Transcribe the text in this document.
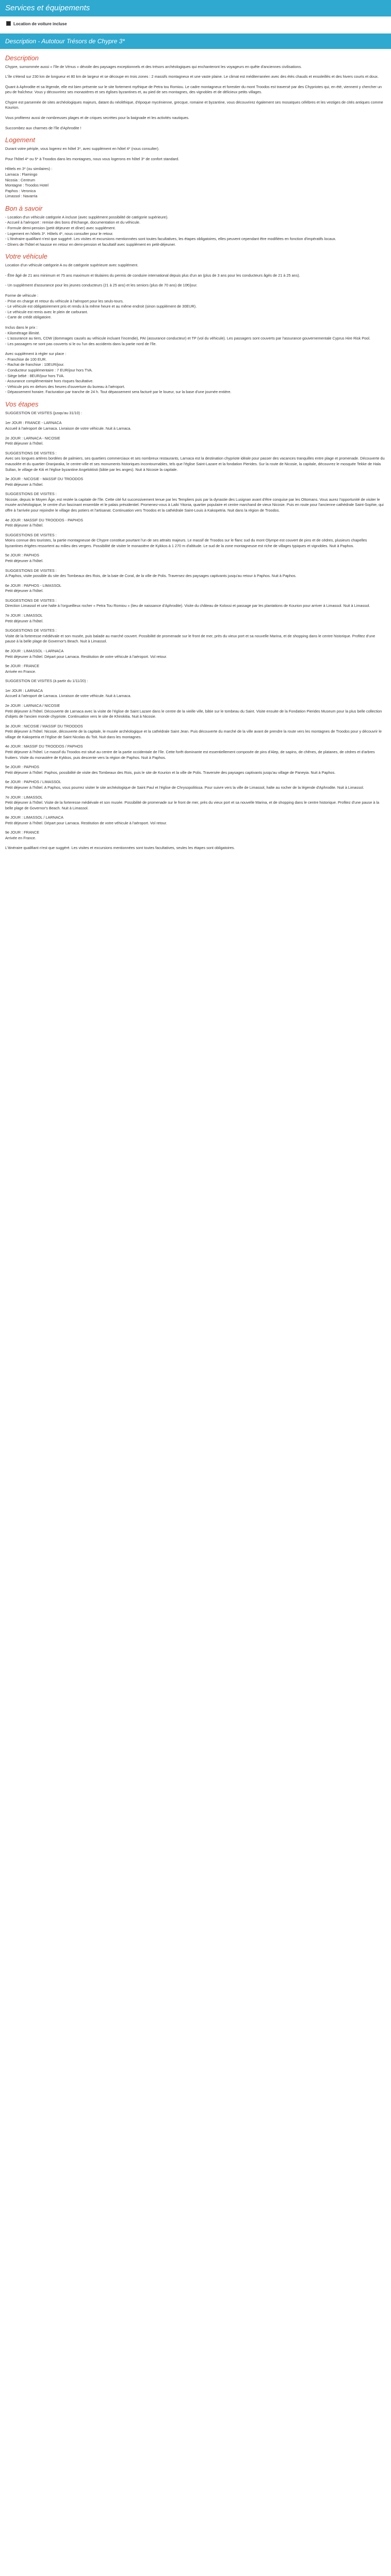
Services et équipements
Location de voiture incluse
Description - Autotour Trésors de Chypre 3*
Description

Chypre, surnommée aussi « l'île de Vénus » dévoile des paysages exceptionnels et des trésors archéologiques qui enchanteront les voyageurs en quête d'anciennes civilisations.

L'île s'étend sur 230 km de longueur et 80 km de largeur et se découpe en trois zones : 2 massifs montagneux et une vaste plaine. Le climat est méditerranéen avec des étés chauds et ensoleillés et des hivers courts et doux.

Quant à Aphrodite et sa légende, elle est bien présente sur le site fortement mythique de Petra tou Romiou. Le cadre montagneux et forestier du mont Troodos est traversé par des Chypriotes qui, en été, viennent y chercher un peu de fraîcheur. Vous y découvrirez ses monastères et ses églises byzantines et, au pied de ses montagnes, des vignobles et de délicieux petits villages.

Chypre est parsemée de sites archéologiques majeurs, datant du néolithique, d'époque mycénienne, grecque, romaine et byzantine, vous découvrirez également ses mosaïques célèbres et les vestiges de cités antiques comme Kourion.

Vous profiterez aussi de nombreuses plages et de criques secrètes pour la baignade et les activités nautiques.

Succombez aux charmes de l'île d'Aphrodite !

Logement

Durant votre périple, vous logerez en hôtel 3*, avec supplément en hôtel 4* (nous consulter).

Pour l'hôtel 4* ou 5* à Troodos dans les montagnes, nous vous logerons en hôtel 3* de confort standard.

Hôtels en 3* (ou similaires) :
Larnaca : Flamingo
Nicosia : Centrum
Montagne : Troodos Hotel
Paphos : Veronica
Limassol : Navarria
Bon à savoir
- Location d'un véhicule catégorie A incluse (avec supplément possibilité de catégorie supérieure).
- Accueil à l'aéroport : remise des bons d'échange, documentation et du véhicule.
- Formule demi-pension (petit déjeuner et dîner) avec supplément.
- Logement en hôtels 3*. Hôtels 4*, nous consulter pour le retour.
- L'itinéraire qualifiant n'est que suggéré. Les visites et excursions mentionnées sont toutes facultatives, les étapes obligatoires, elles peuvent cependant être modifiées en fonction d'impératifs locaux.
- Dîners de l'hôtel et hausse en retour en demi-pension et facultatif avec supplément en petit-déjeuner.
Votre véhicule

Location d'un véhicule catégorie A ou de catégorie supérieure avec supplément.

- Être âgé de 21 ans minimum et 75 ans maximum et titulaires du permis de conduire international depuis plus d'un an (plus de 3 ans pour les conducteurs âgés de 21 à 25 ans).

- Un supplément d'assurance pour les jeunes conducteurs (21 à 25 ans) et les seniors (plus de 70 ans) de 10€/jour.

Forme de véhicule :
- Prise en charge et retour du véhicule à l'aéroport pour les seuls-tours.
- Le véhicule est obligatoirement pris et rendu à la même heure et au même endroit (sinon supplément de 30EUR).
- Le véhicule est remis avec le plein de carburant.
- Carte de crédit obligatoire.
Inclus dans le prix :
- Kilométrage illimité.
- L'assurance au tiers, CDW (dommages causés au véhicule incluant l'incendie), PAI (assurance conducteur) et TP (vol du véhicule). Les passagers sont couverts par l'assurance gouvernementale Cyprus Hire Risk Pool.
- Les passagers ne sont pas couverts si le ou l'un des accidents dans la partie nord de l'île.
Avec supplément à régler sur place :
- Franchise de 100 EUR.
- Rachat de franchise : 10EUR/jour.
- Conducteur supplémentaire : 7 EUR/jour hors TVA.
- Siège bébé : 8EUR/jour hors TVA.
- Assurance complémentaire hors risques facultative.
- Véhicule pris en dehors des heures d'ouverture du bureau à l'aéroport.
- Dépassement horaire. Facturation par tranche de 24 h. Tout dépassement sera facturé par le loueur, sur la base d'une journée entière.
Vos étapes

SUGGESTION DE VISITES (jusqu'au 31/10) :

1er JOUR : FRANCE - LARNACA
Accueil à l'aéroport de Larnaca. Livraison de votre véhicule. Nuit à Larnaca.
2e JOUR : LARNACA - NICOSIE
Petit déjeuner à l'hôtel.
SUGGESTIONS DE VISITES :
Avec ses longues artères bordées de palmiers, ses quartiers commerciaux et ses nombreux restaurants, Larnaca est la destination chypriote idéale pour passer des vacances tranquilles entre plage et promenade. Découverte du mausolée et du quartier Oranjaraka, le centre-ville et ses monuments historiques incontournables, tels que l'église Saint-Lazare et la fondation Pierides. Sur la route de Nicosie, la capitale, découvrez le mosquée Tekke de Hala Sultan, le village de Kiti et l'église byzantine Angeloktisti (bâtie par les anges). Nuit à Nicosie la capitale.
3e JOUR : NICOSIE - MASSIF DU TROODOS
Petit déjeuner à l'hôtel.
SUGGESTIONS DE VISITES :
Nicosie, depuis le Moyen Âge, est restée la capitale de l'île. Cette cité fut successivement tenue par les Templiers puis par la dynastie des Lusignan avant d'être conquise par les Ottomans. Vous aurez l'opportunité de visiter le musée archéologique, le centre d'un fascinant ensemble et le palais présidentiel. Promenez-vous à Laiki Yitonia, quartier populaire et centre marchand de vieux Nicosie. Puis en route pour l'ancienne cathédrale Saint-Sophie, qui offre à l'arrivée pour rejoindre le village des potiers et l'artisanat. Continuation vers Troodos et la cathédrale Saint-Louis à Kakopetria. Nuit dans la région de Troodos.
4e JOUR : MASSIF DU TROODOS - PAPHOS
Petit déjeuner à l'hôtel.
SUGGESTIONS DE VISITES :
Moins connue des touristes, la partie montagneuse de Chypre constitue pourtant l'un de ses attraits majeurs. Le massif de Troodos sur le flanc sud du mont Olympe est couvert de pins et de cèdres, plusieurs chapelles byzantines érigées ressortent au milieu des vergers. Possibilité de visiter le monastère de Kykkos à 1 270 m d'altitude. Le sud de la zone montagneuse est riche de villages typiques et vignobles. Nuit à Paphos.
5e JOUR : PAPHOS
Petit déjeuner à l'hôtel.
SUGGESTIONS DE VISITES :
A Paphos, visite possible du site des Tombeaux des Rois, de la baie de Coral, de la ville de Polis. Traversez des paysages captivants jusqu'au retour à Paphos. Nuit à Paphos.
6e JOUR : PAPHOS - LIMASSOL
Petit déjeuner à l'hôtel.
SUGGESTIONS DE VISITES :
Direction Limassol et une halte à l'orgueilleux rocher « Petra Tou Romiou » (lieu de naissance d'Aphrodite). Visite du château de Kolossi et passage par les plantations de Kourion pour arriver à Limassol. Nuit à Limassol.
7e JOUR : LIMASSOL
Petit déjeuner à l'hôtel.
SUGGESTIONS DE VISITES :
Visite de la forteresse médiévale et son musée, puis balade au marché couvert. Possibilité de promenade sur le front de mer, près du vieux port et sa nouvelle Marina, et de shopping dans le centre historique. Profitez d'une pause à la belle plage de Governor's Beach. Nuit à Limassol.
8e JOUR : LIMASSOL - LARNACA
Petit déjeuner à l'hôtel. Départ pour Larnaca. Restitution de votre véhicule à l'aéroport. Vol retour.
9e JOUR : FRANCE
Arrivée en France.
SUGGESTION DE VISITES (à partir du 1/11/20) :
1er JOUR : LARNACA
Accueil à l'aéroport de Larnaca. Livraison de votre véhicule. Nuit à Larnaca.
2e JOUR : LARNACA / NICOSIE
Petit déjeuner à l'hôtel. Découverte de Larnaca avec la visite de l'église de Saint Lazare dans le centre de la vieille ville, bâtie sur le tombeau du Saint. Visite ensuite de la Fondation Pierides Museum pour la plus belle collection d'objets de l'ancien monde chypriote. Continuation vers le site de Khirokitia. Nuit à Nicosie.
3e JOUR : NICOSIE / MASSIF DU TROODOS
Petit déjeuner à l'hôtel. Nicosie, découverte de la capitale, le musée archéologique et la cathédrale Saint Jean. Puis découverte du marché de la ville avant de prendre la route vers les montagnes de Troodos pour y découvrir le village de Kakopetria et l'église de Saint Nicolas du Toit. Nuit dans les montagnes.
4e JOUR : MASSIF DU TROODOS / PAPHOS
Petit déjeuner à l'hôtel. Le massif du Troodos est situé au centre de la partie occidentale de l'île. Cette forêt dominante est essentiellement composée de pins d'Alep, de sapins, de chênes, de platanes, de cèdres et d'arbres fruitiers. Visite du monastère de Kykkos, puis descente vers la région de Paphos. Nuit à Paphos.
5e JOUR : PAPHOS
Petit déjeuner à l'hôtel. Paphos, possibilité de visite des Tombeaux des Rois, puis le site de Kourion et la ville de Polis. Traversée des paysages captivants jusqu'au village de Paneyia. Nuit à Paphos.
6e JOUR : PAPHOS / LIMASSOL
Petit déjeuner à l'hôtel. A Paphos, vous pourrez visiter le site archéologique de Saint Paul et l'église de Chrysopolitissa. Pour suivre vers la ville de Limassol, halte au rocher de la légende d'Aphrodite. Nuit à Limassol.
7e JOUR : LIMASSOL
Petit déjeuner à l'hôtel. Visite de la forteresse médiévale et son musée. Possibilité de promenade sur le front de mer, près du vieux port et sa nouvelle Marina, et de shopping dans le centre historique. Profitez d'une pause à la belle plage de Governor's Beach. Nuit à Limassol.
8e JOUR : LIMASSOL / LARNACA
Petit déjeuner à l'hôtel. Départ pour Larnaca. Restitution de votre véhicule à l'aéroport. Vol retour.
9e JOUR : FRANCE
Arrivée en France.

L'itinéraire qualifiant n'est que suggéré. Les visites et excursions mentionnées sont toutes facultatives, seules les étapes sont obligatoires.
